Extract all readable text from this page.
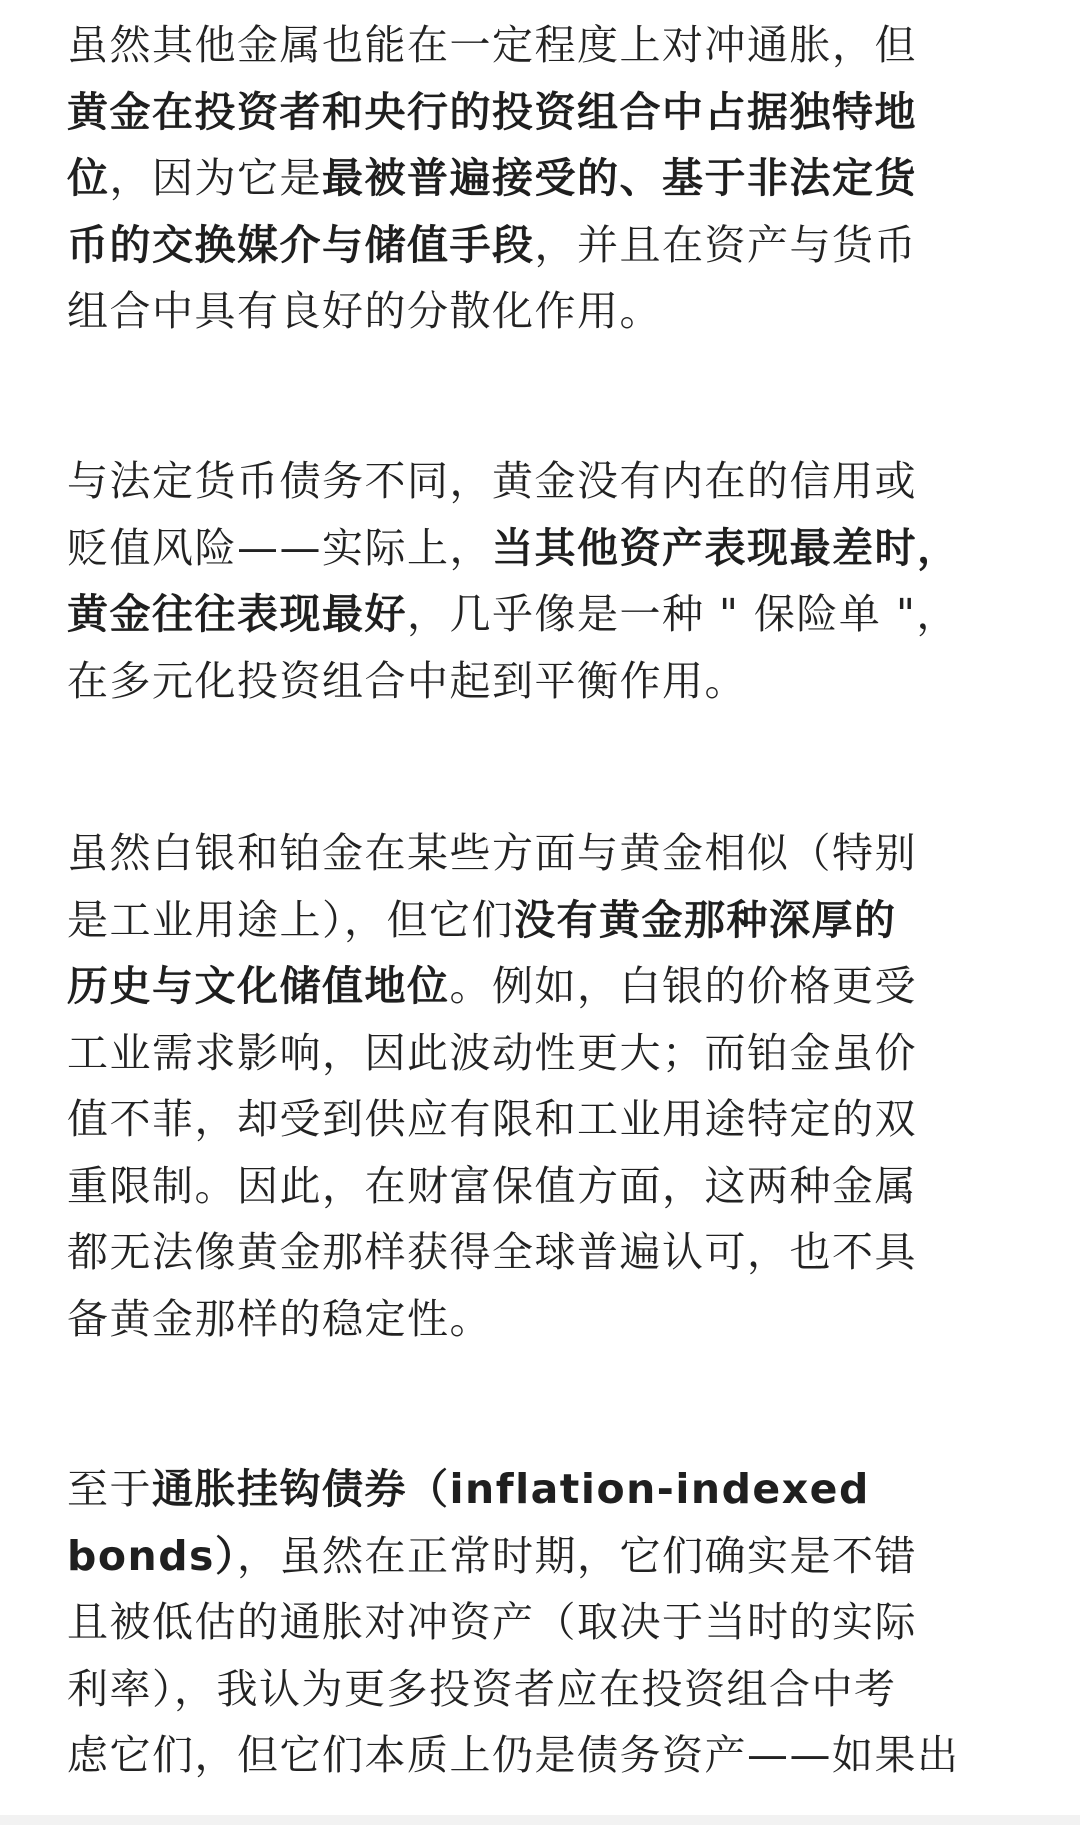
虽然其他金属也能在一定程度上对冲通胀，但
黄金在投资者和央行的投资组合中占据独特地
位，因为它是最被普遍接受的、基于非法定货
币的交换媒介与储值手段，并且在资产与货币
组合中具有良好的分散化作用。

与法定货币债务不同，黄金没有内在的信用或
贬值风险——实际上，当其他资产表现最差时，
黄金往往表现最好，几乎像是一种 " 保险单 "，
在多元化投资组合中起到平衡作用。

虽然白银和铂金在某些方面与黄金相似（特别
是工业用途上），但它们没有黄金那种深厚的
历史与文化储值地位。例如，白银的价格更受
工业需求影响，因此波动性更大；而铂金虽价
值不菲，却受到供应有限和工业用途特定的双
重限制。因此，在财富保值方面，这两种金属
都无法像黄金那样获得全球普遍认可，也不具
备黄金那样的稳定性。

至于通胀挂钩债券（inflation-indexed
bonds），虽然在正常时期，它们确实是不错
且被低估的通胀对冲资产（取决于当时的实际
利率），我认为更多投资者应在投资组合中考
虑它们，但它们本质上仍是债务资产——如果出
